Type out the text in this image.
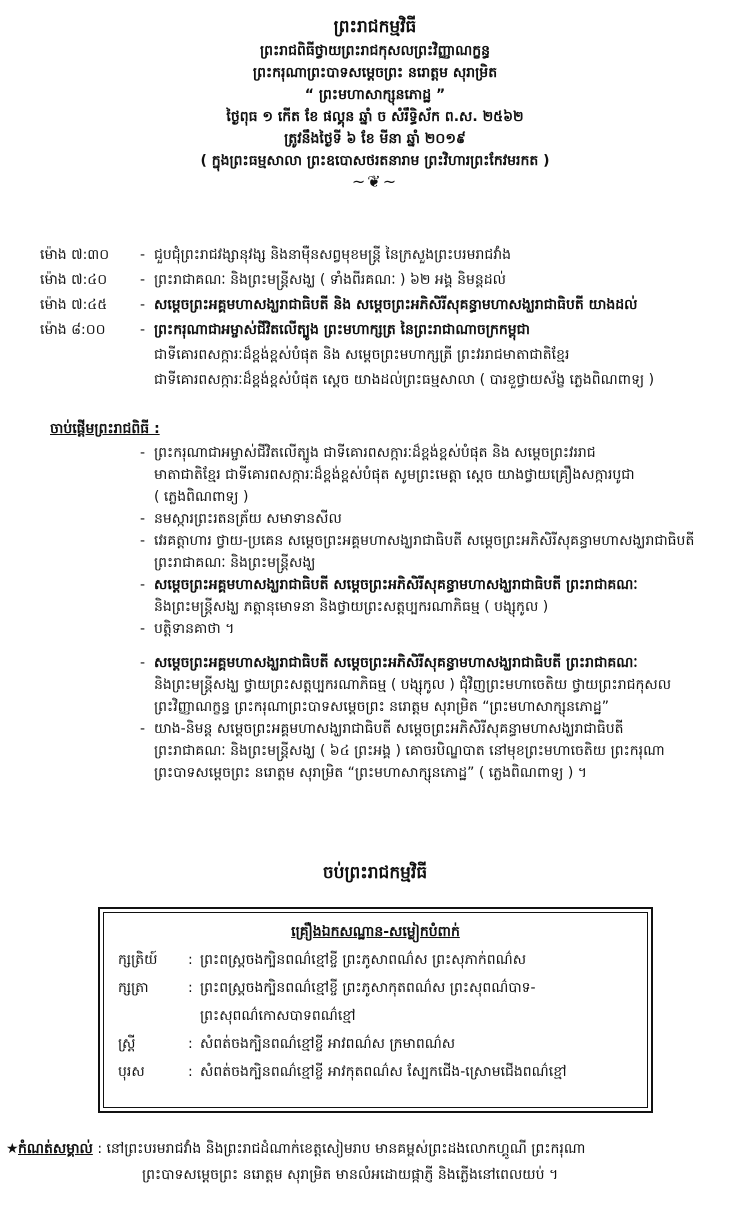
ព្រះរាជកម្មវិធី
ព្រះរាជពិធីថ្វាយព្រះរាជកុសលព្រះវិញ្ញាណក្ខន្ធ
ព្រះករុណាព្រះបាទសម្ដេចព្រះ នរោត្ដម សុរាម្រិត
“ ព្រះមហាសាក្សុនភេាដ្ឋ ”
ថ្ងៃពុធ ១ កើត ខែ ផល្គុន ឆ្នាំ ច សំរឹទ្ធិស័ក ព.ស. ២៥៦២
ត្រូវនឹងថ្ងៃទី ៦ ខែ មីនា ឆ្នាំ ២០១៩
( ក្នុងព្រះធម្មសាលា ព្រះឧបោសថរតនារាម ព្រះវិហារព្រះកែវមរកត )
~❦~
ម៉ោង ៧:៣០	- ជួបជុំព្រះរាជវង្សានុវង្ស និងនាម៉ឺនសព្វមុខមន្ត្រី នៃក្រសួងព្រះបរមរាជវាំង
ម៉ោង ៧:៤០	- ព្រះរាជាគណៈ និងព្រះមន្ត្រីសង្ឃ ( ទាំងពីរគណៈ ) ៦២ អង្គ និមន្តដល់
ម៉ោង ៧:៤៥	- សម្ដេចព្រះអគ្គមហាសង្ឃរាជាធិបតី និង សម្ដេចព្រះអភិសិរីសុគន្ធាមហាសង្ឃរាជាធិបតី យាងដល់
ម៉ោង ៨:០០	- ព្រះករុណាជាអម្ចាស់ជីវិតលើត្បូង ព្រះមហាក្សត្រ នៃព្រះរាជាណាចក្រកម្ពុជា
ជាទីគោរពសក្ការៈដ៏ខ្ពង់ខ្ពស់បំផុត និង សម្ដេចព្រះមហាក្សត្រី ព្រះវររាជមាតាជាតិខ្មែរ
ជាទីគោរពសក្ការៈដ៏ខ្ពង់ខ្ពស់បំផុត ស្ដេច យាងដល់ព្រះធម្មសាលា ( បារខួថ្វាយស័ង្ខ ភ្លេងពិណពាទ្យ )
ចាប់ផ្ដើមព្រះរាជពិធី :
- ព្រះករុណាជាអម្ចាស់ជីវិតលើត្បូង ជាទីគោរពសក្ការៈដ៏ខ្ពង់ខ្ពស់បំផុត និង សម្ដេចព្រះវររាជ
មាតាជាតិខ្មែរ ជាទីគោរពសក្ការៈដ៏ខ្ពង់ខ្ពស់បំផុត សូមព្រះមេត្តា ស្ដេច យាងថ្វាយគ្រឿងសក្ការបូជា
( ភ្លេងពិណពាទ្យ )
- នមស្ការព្រះរតនត្រ័យ សមាទានសីល
- វេរគត្តាហារ ថ្វាយ-ប្រគេន សម្ដេចព្រះអគ្គមហាសង្ឃរាជាធិបតី សម្ដេចព្រះអភិសិរីសុគន្ធាមហាសង្ឃរាជាធិបតី
ព្រះរាជាគណៈ និងព្រះមន្ត្រីសង្ឃ
- សម្ដេចព្រះអគ្គមហាសង្ឃរាជាធិបតី សម្ដេចព្រះអភិសិរីសុគន្ធាមហាសង្ឃរាជាធិបតី ព្រះរាជាគណៈ
និងព្រះមន្ត្រីសង្ឃ ភត្តានុមោទនា និងថ្វាយព្រះសត្តប្បករណាភិធម្ម ( បង្សុកូល )
- បត្តិទានគាថា ។
- សម្ដេចព្រះអគ្គមហាសង្ឃរាជាធិបតី សម្ដេចព្រះអភិសិរីសុគន្ធាមហាសង្ឃរាជាធិបតី ព្រះរាជាគណៈ
និងព្រះមន្ត្រីសង្ឃ ថ្វាយព្រះសត្តប្បករណាភិធម្ម ( បង្សុកូល ) ជុំវិញព្រះមហាចេតិយ ថ្វាយព្រះរាជកុសល
ព្រះវិញ្ញាណក្ខន្ធ ព្រះករុណាព្រះបាទសម្ដេចព្រះ នរោត្ដម សុរាម្រិត “ព្រះមហាសាក្សុនភេាដ្ឋ”
- យាង-និមន្ត សម្ដេចព្រះអគ្គមហាសង្ឃរាជាធិបតី សម្ដេចព្រះអភិសិរីសុគន្ធាមហាសង្ឃរាជាធិបតី
ព្រះរាជាគណៈ និងព្រះមន្ត្រីសង្ឃ ( ៦៤ ព្រះអង្គ ) គោចរបិណ្ឌបាត នៅមុខព្រះមហាចេតិយ ព្រះករុណា
ព្រះបាទសម្ដេចព្រះ នរោត្ដម សុរាម្រិត “ព្រះមហាសាក្សុនភេាដ្ឋ” ( ភ្លេងពិណពាទ្យ ) ។
ចប់ព្រះរាជកម្មវិធី
គ្រឿងឯកសណ្ឋាន-សម្លៀកបំពាក់
ក្សត្រិយ៍	: ព្រះពស្ត្រចងក្បិនពណ៌ខ្មៅខ្ចី ព្រះភូសាពណ៌ស ព្រះសុភាក់ពណ៌ស
ក្សត្រា	: ព្រះពស្ត្រចងក្បិនពណ៌ខ្មៅខ្ចី ព្រះភូសាកុតពណ៌ស ព្រះសុពណ៌បាទ-
ព្រះសុពណ៌កោសបាទពណ៌ខ្មៅ
ស្ត្រី	: សំពត់ចងក្បិនពណ៌ខ្មៅខ្ចី អាវពណ៌ស ក្រមាពណ៌ស
បុរស	: សំពត់ចងក្បិនពណ៌ខ្មៅខ្ចី អាវកុតពណ៌ស ស្បែកជើង-ស្រោមជើងពណ៌ខ្មៅ
★កំណត់សម្គាល់ : នៅព្រះបរមរាជវាំង និងព្រះរាជដំណាក់ខេត្តសៀមរាប មានគម្ពស់ព្រះដងលោកហ្គូណី ព្រះករុណា
ព្រះបាទសម្ដេចព្រះ នរោត្ដម សុរាម្រិត មានលំអដោយផ្កាភ្ញី និងភ្លើងនៅពេលយប់ ។
